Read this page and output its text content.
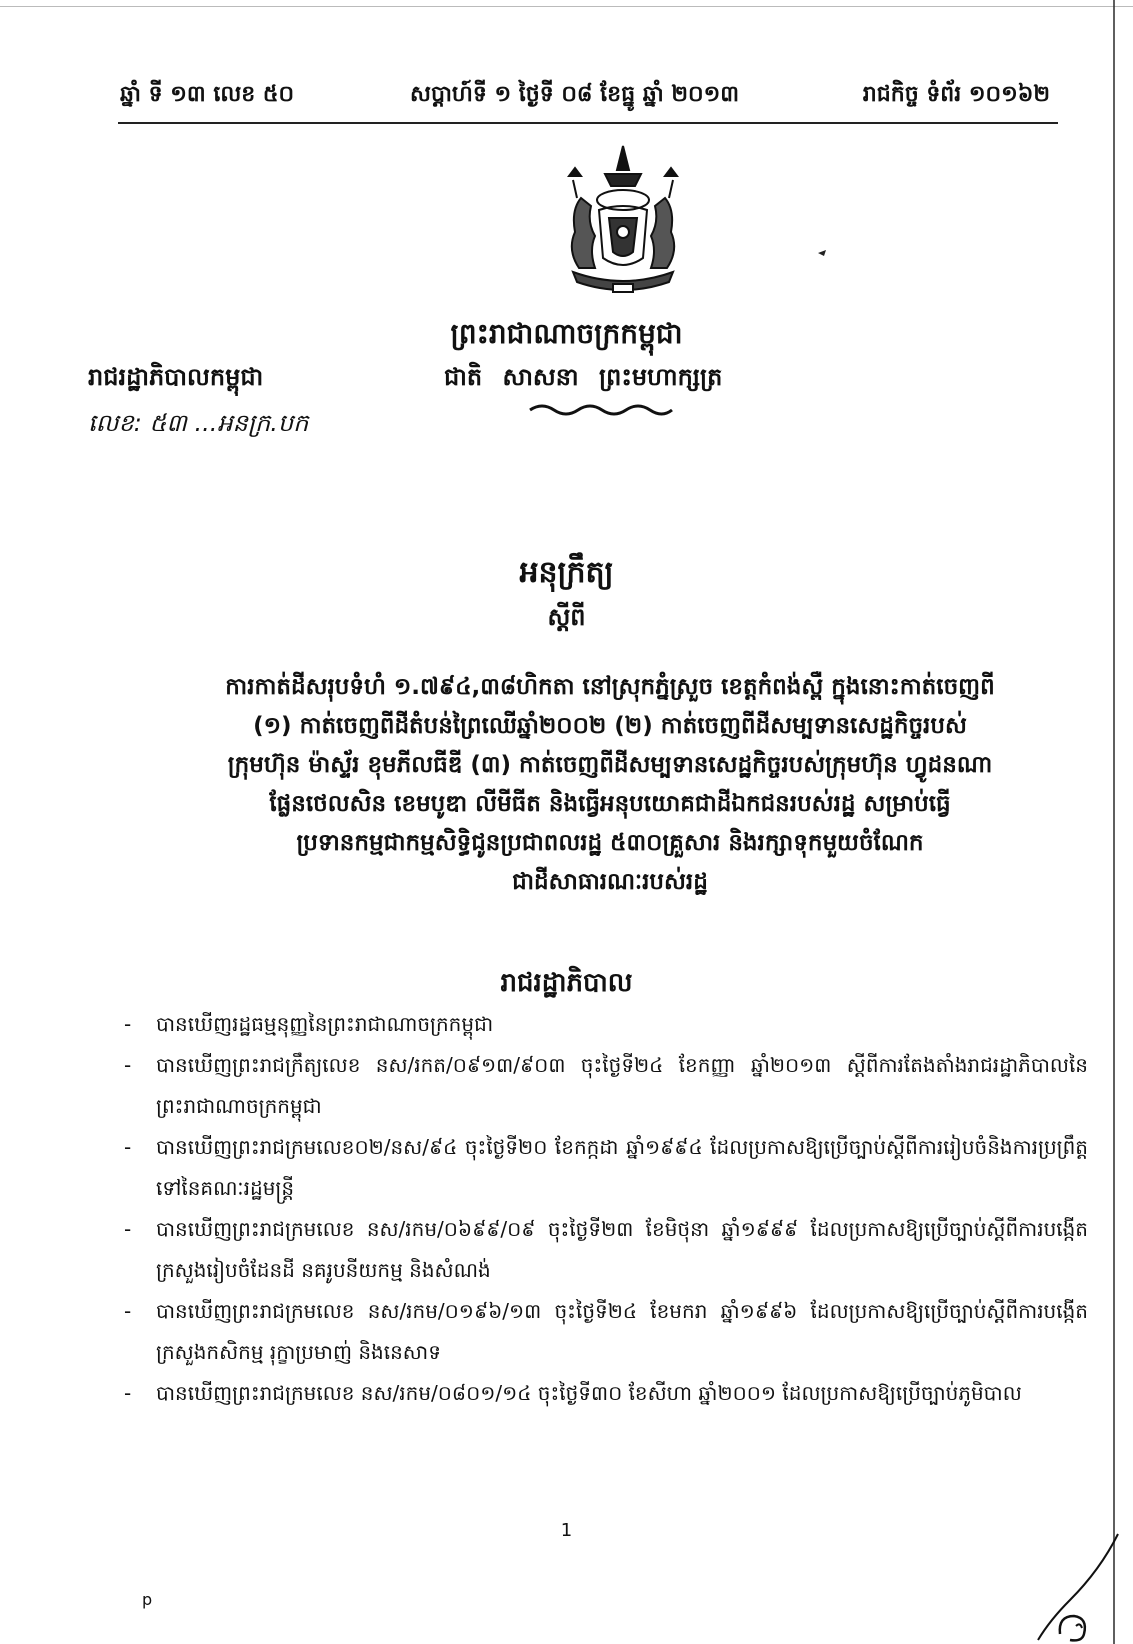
ឆ្នាំ ទី ១៣ លេខ ៥០	សប្តាហ៍ទី ១ ថ្ងៃទី ០៨ ខែធ្នូ ឆ្នាំ ២០១៣	រាជកិច្ច ទំព័រ ១០១៦២
ព្រះរាជាណាចក្រកម្ពុជា
ជាតិ សាសនា ព្រះមហាក្សត្រ
រាជរដ្ឋាភិបាលកម្ពុជា
លេខ: ៥៣ ...អនក្រ.បក
អនុក្រឹត្យ
ស្តីពី
ការកាត់ដីសរុបទំហំ ១.៧៩៤,៣៨ហិកតា នៅស្រុកភ្នំស្រួច ខេត្តកំពង់ស្ពឺ ក្នុងនោះកាត់ចេញពី
(១) កាត់ចេញពីដីតំបន់ព្រៃឈើឆ្នាំ២០០២ (២) កាត់ចេញពីដីសម្បទានសេដ្ឋកិច្ចរបស់
ក្រុមហ៊ុន ម៉ាស្ទ័រ ខុមភីលធីឌី (៣) កាត់ចេញពីដីសម្បទានសេដ្ឋកិច្ចរបស់ក្រុមហ៊ុន ហ្វូដនណា
ផ្លែនថេលសិន ខេមបូឌា លីមីធីត និងធ្វើអនុបយោគជាដីឯកជនរបស់រដ្ឋ សម្រាប់ធ្វើ
ប្រទានកម្មជាកម្មសិទ្ធិជូនប្រជាពលរដ្ឋ ៥៣០គ្រួសារ និងរក្សាទុកមួយចំណែក
ជាដីសាធារណៈរបស់រដ្ឋ
រាជរដ្ឋាភិបាល
- បានឃើញរដ្ឋធម្មនុញ្ញនៃព្រះរាជាណាចក្រកម្ពុជា
- បានឃើញព្រះរាជក្រឹត្យលេខ នស/រកត/០៩១៣/៩០៣ ចុះថ្ងៃទី២៤ ខែកញ្ញា ឆ្នាំ២០១៣ ស្តីពីការតែងតាំងរាជរដ្ឋាភិបាលនៃព្រះរាជាណាចក្រកម្ពុជា
- បានឃើញព្រះរាជក្រមលេខ០២/នស/៩៤ ចុះថ្ងៃទី២០ ខែកក្កដា ឆ្នាំ១៩៩៤ ដែលប្រកាសឱ្យប្រើច្បាប់ស្តីពីការរៀបចំនិងការប្រព្រឹត្តទៅនៃគណៈរដ្ឋមន្ត្រី
- បានឃើញព្រះរាជក្រមលេខ នស/រកម/០៦៩៩/០៩ ចុះថ្ងៃទី២៣ ខែមិថុនា ឆ្នាំ១៩៩៩ ដែលប្រកាសឱ្យប្រើច្បាប់ស្តីពីការបង្កើតក្រសួងរៀបចំដែនដី នគរូបនីយកម្ម និងសំណង់
- បានឃើញព្រះរាជក្រមលេខ នស/រកម/០១៩៦/១៣ ចុះថ្ងៃទី២៤ ខែមករា ឆ្នាំ១៩៩៦ ដែលប្រកាសឱ្យប្រើច្បាប់ស្តីពីការបង្កើតក្រសួងកសិកម្ម រុក្ខាប្រមាញ់ និងនេសាទ
- បានឃើញព្រះរាជក្រមលេខ នស/រកម/០៨០១/១៤ ចុះថ្ងៃទី៣០ ខែសីហា ឆ្នាំ២០០១ ដែលប្រកាសឱ្យប្រើច្បាប់ភូមិបាល
1
p
